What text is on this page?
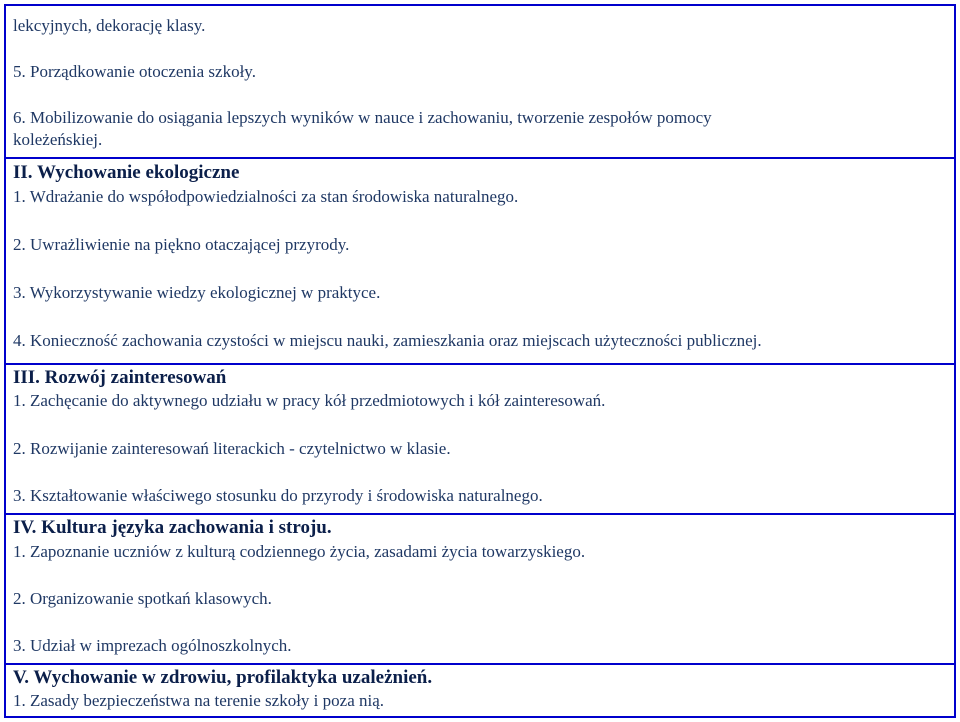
lekcyjnych, dekorację klasy.
5. Porządkowanie otoczenia szkoły.
6. Mobilizowanie do osiągania lepszych wyników w nauce i zachowaniu, tworzenie zespołów pomocy
koleżeńskiej.
II. Wychowanie ekologiczne
1. Wdrażanie do współodpowiedzialności za stan środowiska naturalnego.
2. Uwrażliwienie na piękno otaczającej przyrody.
3. Wykorzystywanie wiedzy ekologicznej w praktyce.
4. Konieczność zachowania czystości w miejscu nauki, zamieszkania oraz miejscach użyteczności publicznej.
III. Rozwój zainteresowań
1. Zachęcanie do aktywnego udziału w pracy kół przedmiotowych i kół zainteresowań.
2. Rozwijanie zainteresowań literackich - czytelnictwo w klasie.
3. Kształtowanie właściwego stosunku do przyrody i środowiska naturalnego.
IV. Kultura języka zachowania i stroju.
1. Zapoznanie uczniów z kulturą codziennego życia, zasadami życia towarzyskiego.
2. Organizowanie spotkań klasowych.
3. Udział w imprezach ogólnoszkolnych.
V. Wychowanie w zdrowiu, profilaktyka uzależnień.
1. Zasady bezpieczeństwa na terenie szkoły i poza nią.
